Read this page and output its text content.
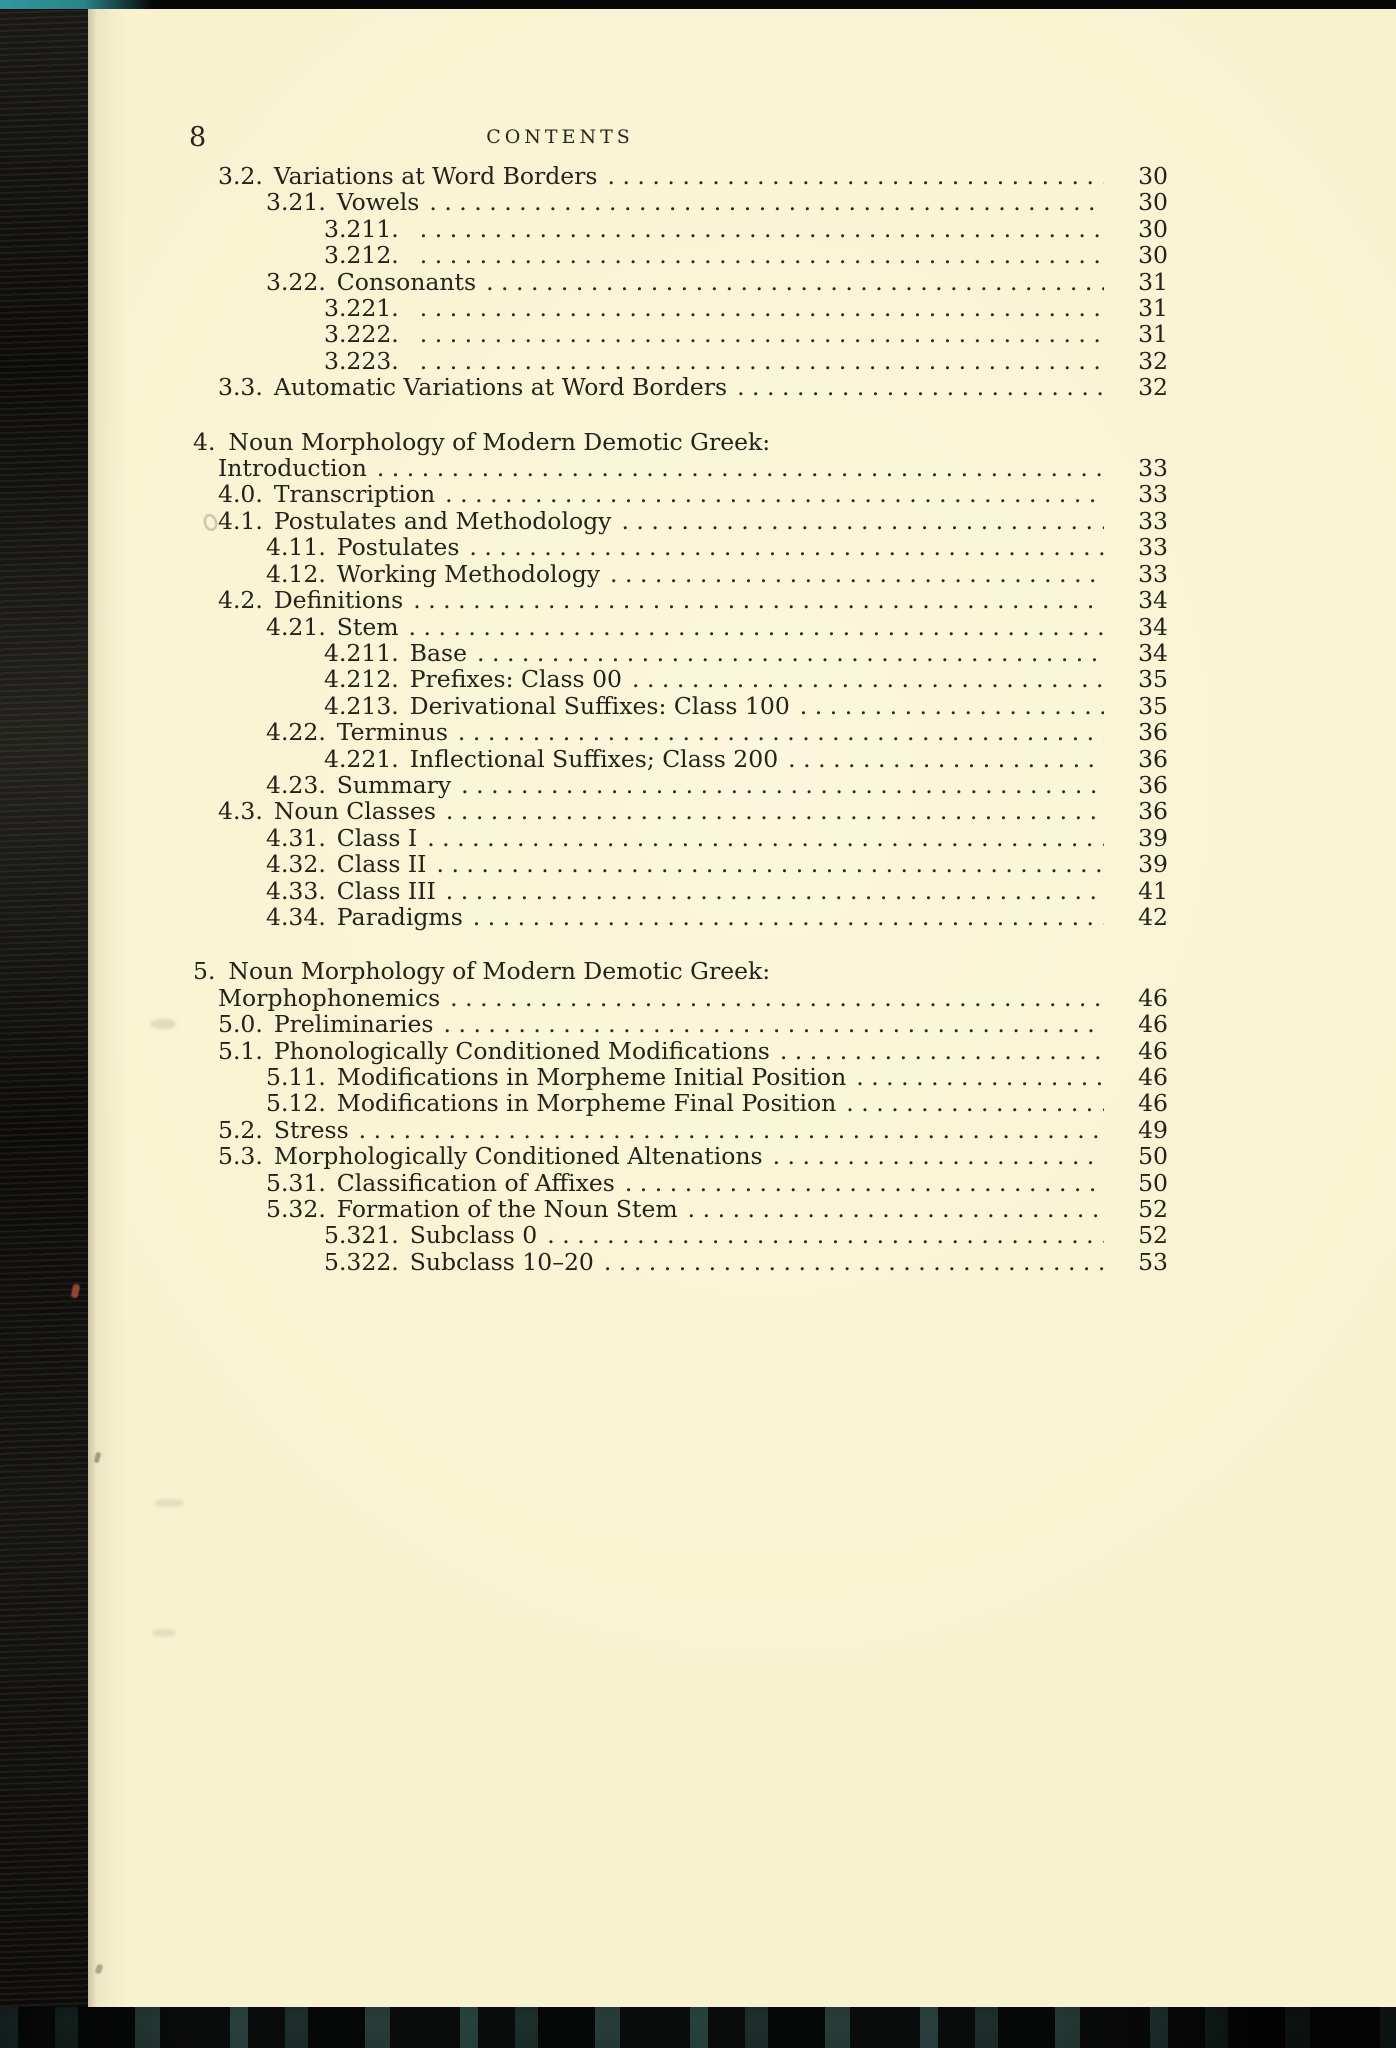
8	CONTENTS
3.2. Variations at Word Borders .....	30
3.21. Vowels .....	30
3.211. .....	30
3.212. .....	30
3.22. Consonants .....	31
3.221. .....	31
3.222. .....	31
3.223. .....	32
3.3. Automatic Variations at Word Borders .....	32
4. Noun Morphology of Modern Demotic Greek:
Introduction .....	33
4.0. Transcription .....	33
4.1. Postulates and Methodology .....	33
4.11. Postulates .....	33
4.12. Working Methodology .....	33
4.2. Definitions .....	34
4.21. Stem .....	34
4.211. Base .....	34
4.212. Prefixes: Class 00 .....	35
4.213. Derivational Suffixes: Class 100 .....	35
4.22. Terminus .....	36
4.221. Inflectional Suffixes; Class 200 .....	36
4.23. Summary .....	36
4.3. Noun Classes .....	36
4.31. Class I .....	39
4.32. Class II .....	39
4.33. Class III .....	41
4.34. Paradigms .....	42
5. Noun Morphology of Modern Demotic Greek:
Morphophonemics .....	46
5.0. Preliminaries .....	46
5.1. Phonologically Conditioned Modifications .....	46
5.11. Modifications in Morpheme Initial Position .....	46
5.12. Modifications in Morpheme Final Position .....	46
5.2. Stress .....	49
5.3. Morphologically Conditioned Altenations .....	50
5.31. Classification of Affixes .....	50
5.32. Formation of the Noun Stem .....	52
5.321. Subclass 0 .....	52
5.322. Subclass 10–20 .....	53
